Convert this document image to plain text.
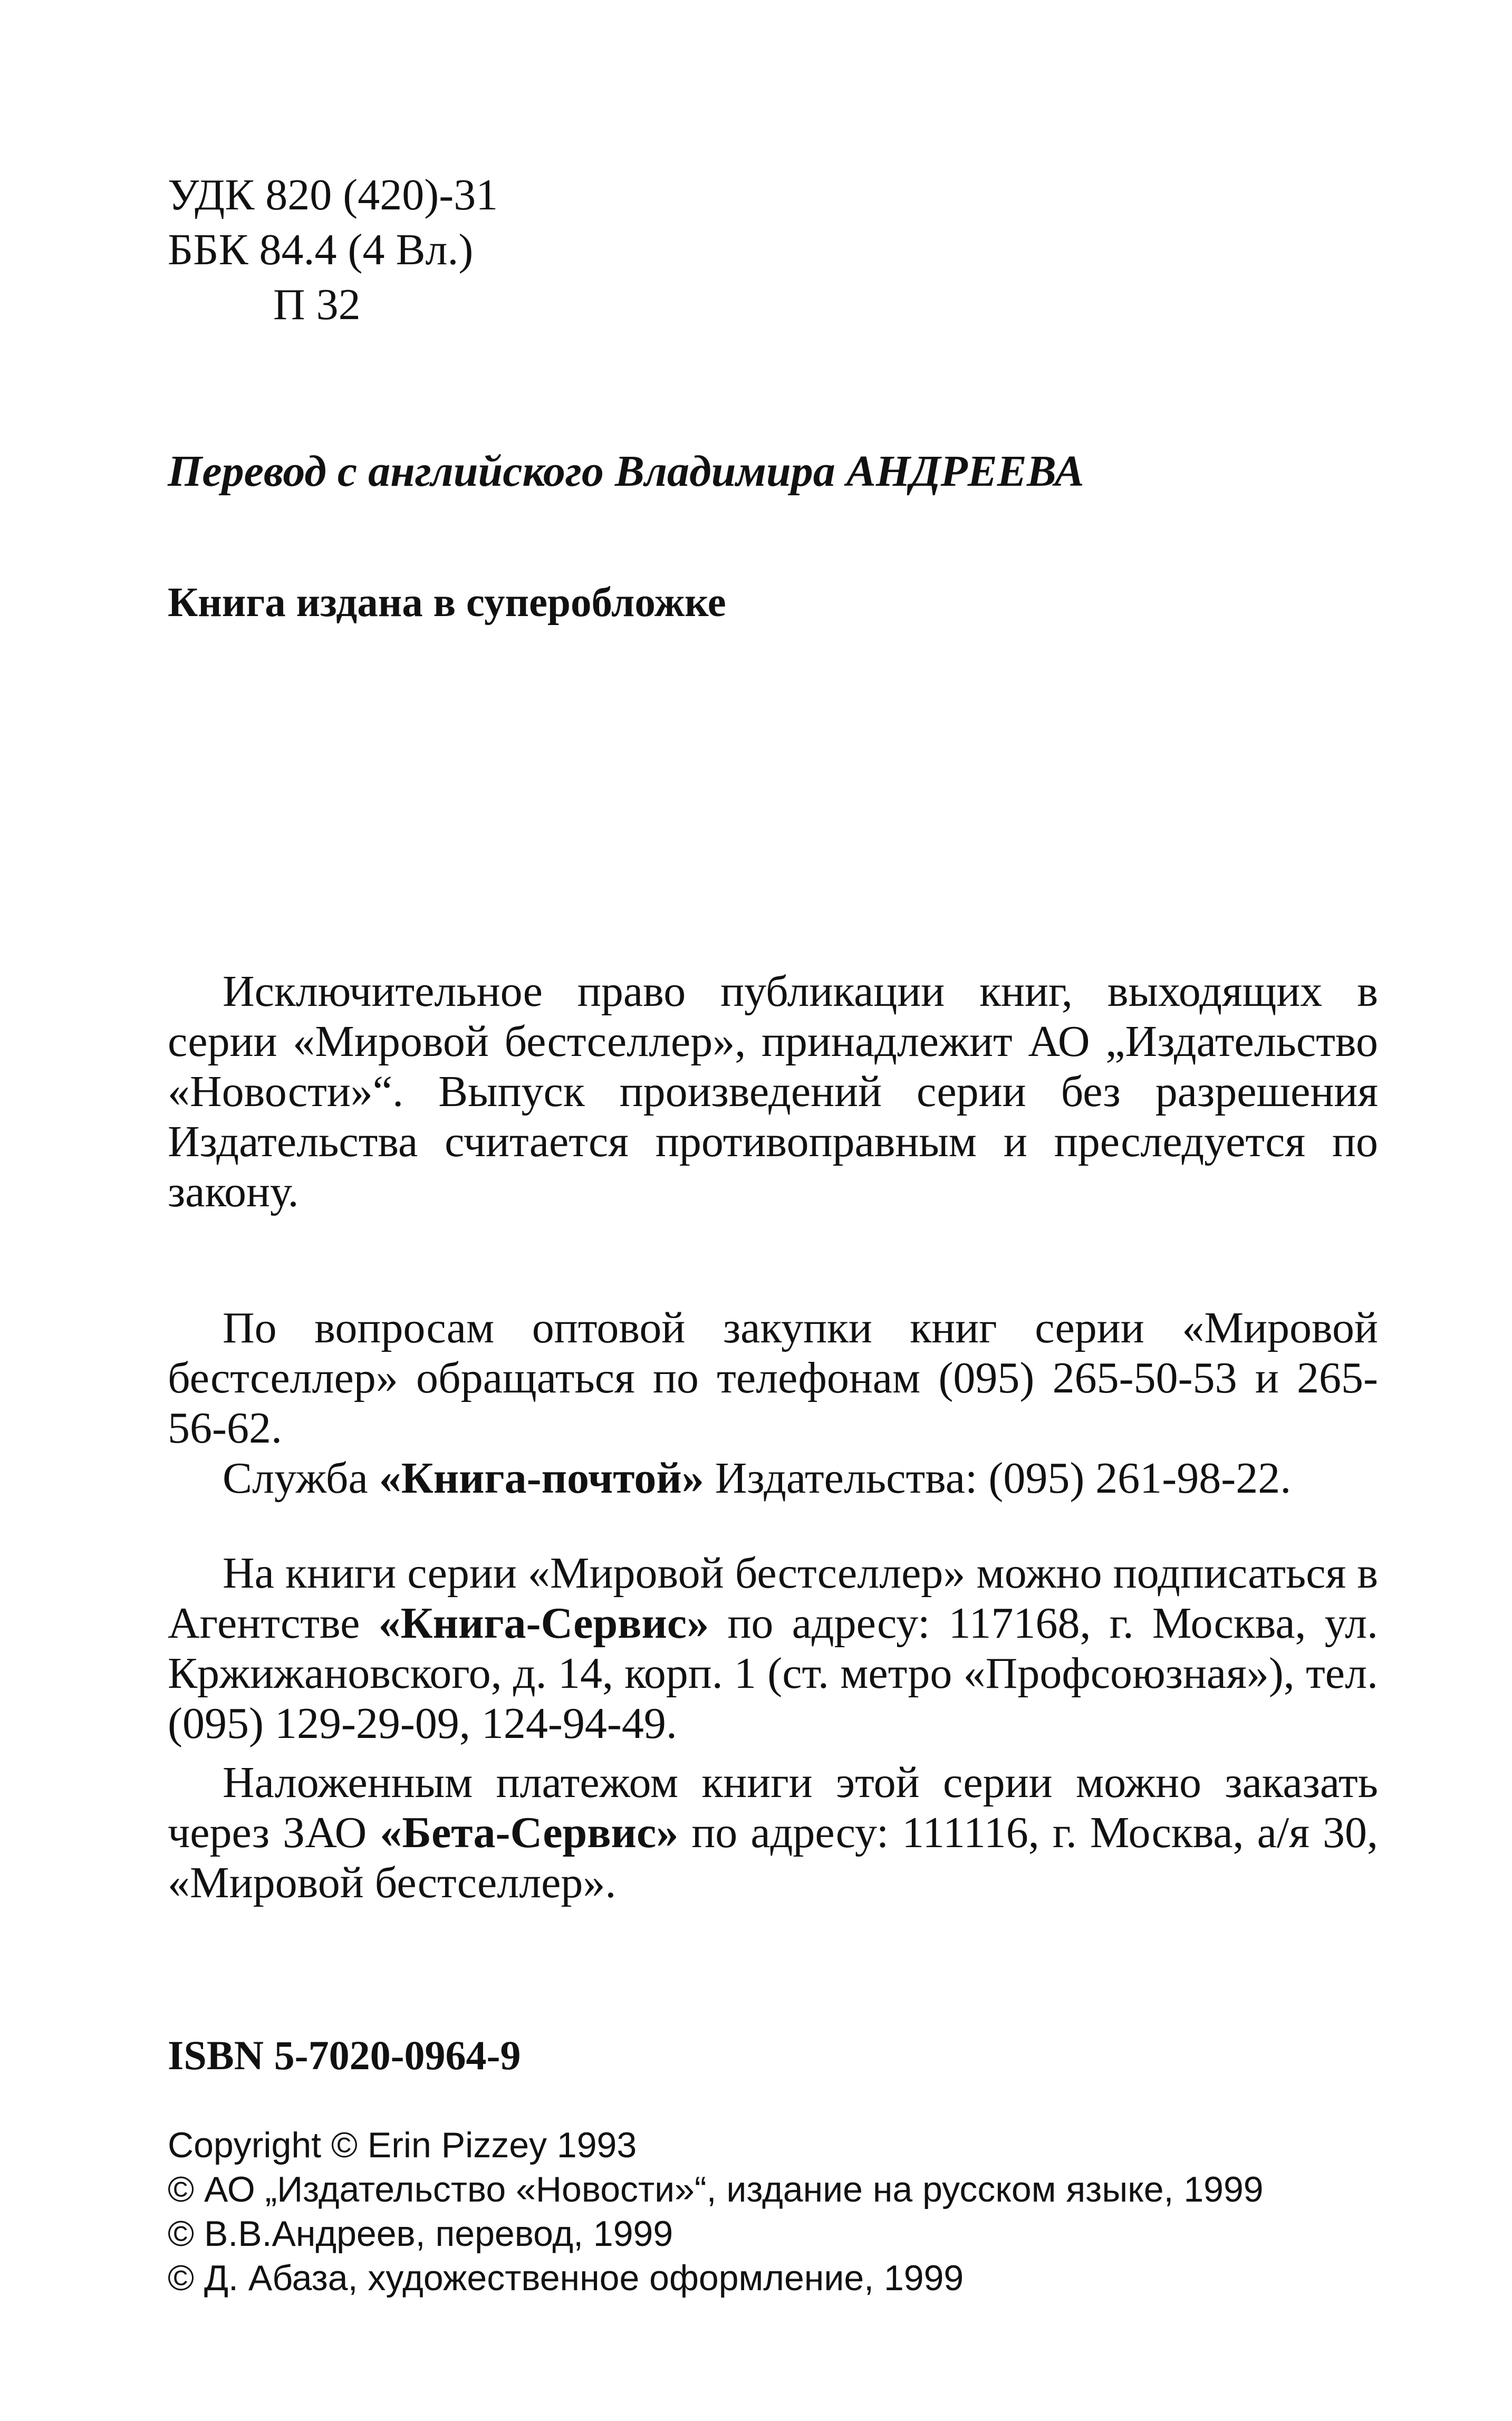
УДК 820 (420)-31
ББК 84.4 (4 Вл.)
П 32
Перевод с английского Владимира АНДРЕЕВА
Книга издана в суперобложке
Исключительное право публикации книг, выходящих в серии «Мировой бестселлер», принадлежит АО „Издательство «Новости»“. Выпуск произведений серии без разрешения Издательства считается противоправным и преследуется по закону.
По вопросам оптовой закупки книг серии «Мировой бестселлер» обращаться по телефонам (095) 265-50-53 и 265-56-62.
Служба «Книга-почтой» Издательства: (095) 261-98-22.
На книги серии «Мировой бестселлер» можно подписаться в Агентстве «Книга-Сервис» по адресу: 117168, г. Москва, ул. Кржижановского, д. 14, корп. 1 (ст. метро «Профсоюзная»), тел. (095) 129-29-09, 124-94-49.
Наложенным платежом книги этой серии можно заказать через ЗАО «Бета-Сервис» по адресу: 111116, г. Москва, а/я 30, «Мировой бестселлер».
ISBN 5-7020-0964-9
Copyright © Erin Pizzey 1993
© АО „Издательство «Новости»“, издание на русском языке, 1999
© В.В.Андреев, перевод, 1999
© Д. Абаза, художественное оформление, 1999
